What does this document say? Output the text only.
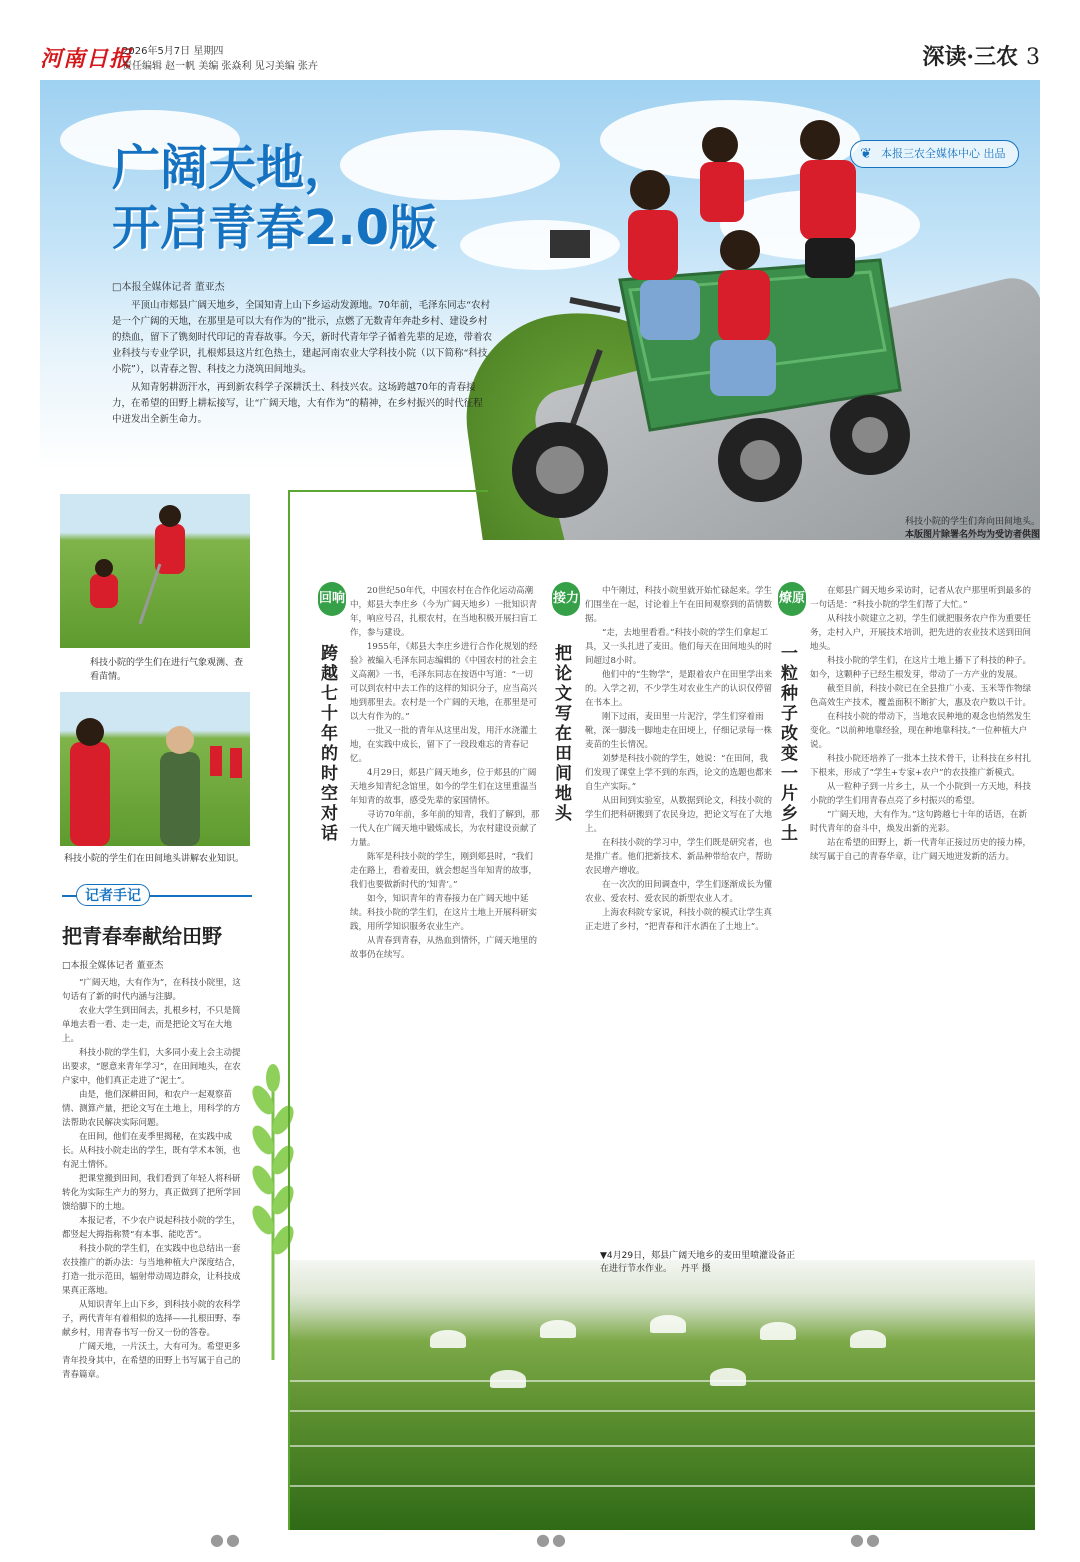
河南日报
2026年5月7日 星期四
责任编辑 赵一帆 美编 张焱利 见习美编 张卉	深读·三农 3
广阔天地，
开启青春2.0版
□本报全媒体记者 董亚杰

平顶山市郏县广阔天地乡，全国知青上山下乡运动发源地。70年前，毛泽东同志“农村是一个广阔的天地，在那里是可以大有作为的”批示，点燃了无数青年奔赴乡村、建设乡村的热血，留下了镌刻时代印记的青春故事。今天，新时代青年学子循着先辈的足迹，带着农业科技与专业学识，扎根郏县这片红色热土，建起河南农业大学科技小院（以下简称“科技小院”），以青春之智、科技之力浇筑田间地头。

从知青躬耕沥汗水，再到新农科学子深耕沃土、科技兴农。这场跨越70年的青春接力，在希望的田野上耕耘接写，让“广阔天地，大有作为”的精神，在乡村振兴的时代征程中迸发出全新生命力。

❦ 本报三农全媒体中心 出品
科技小院的学生们奔向田间地头。
本版图片除署名外均为受访者供图
科技小院的学生们在进行气象观测、查看苗情。
科技小院的学生们在田间地头讲解农业知识。
记者手记
把青春奉献给田野
□本报全媒体记者 董亚杰

“广阔天地，大有作为”，在科技小院里，这句话有了新的时代内涵与注脚。

农业大学生到田间去，扎根乡村，不只是简单地去看一看、走一走，而是把论文写在大地上。

科技小院的学生们，大多同小麦上会主动提出要求，“愿意来青年学习”，在田间地头，在农户家中，他们真正走进了“泥土”。

由是，他们深耕田间，和农户一起观察苗情、测算产量，把论文写在土地上，用科学的方法帮助农民解决实际问题。

在田间，他们在麦季里揭秘，在实践中成长。从科技小院走出的学生，既有学术本领，也有泥土情怀。

把课堂搬到田间，我们看到了年轻人将科研转化为实际生产力的努力，真正做到了把所学回馈给脚下的土地。

本报记者，不少农户说起科技小院的学生，都竖起大拇指称赞“有本事、能吃苦”。

科技小院的学生们，在实践中也总结出一套农技推广的新办法：与当地种植大户深度结合，打造一批示范田，辐射带动周边群众，让科技成果真正落地。

从知识青年上山下乡，到科技小院的农科学子，两代青年有着相似的选择——扎根田野、奉献乡村，用青春书写一份又一份的答卷。

广阔天地，一片沃土，大有可为。希望更多青年投身其中，在希望的田野上书写属于自己的青春篇章。

回响
跨越七十年的时空对话

20世纪50年代，中国农村在合作化运动高潮中，郏县大李庄乡（今为广阔天地乡）一批知识青年，响应号召，扎根农村，在当地积极开展扫盲工作，参与建设。

1955年，《郏县大李庄乡进行合作化规划的经验》被编入毛泽东同志编辑的《中国农村的社会主义高潮》一书，毛泽东同志在按语中写道：“一切可以到农村中去工作的这样的知识分子，应当高兴地到那里去。农村是一个广阔的天地，在那里是可以大有作为的。”

一批又一批的青年从这里出发，用汗水浇灌土地，在实践中成长，留下了一段段难忘的青春记忆。

4月29日，郏县广阔天地乡，位于郏县的广阔天地乡知青纪念馆里，如今的学生们在这里重温当年知青的故事，感受先辈的家国情怀。

寻访70年前，多年前的知青，我们了解到，那一代人在广阔天地中锻炼成长，为农村建设贡献了力量。

陈军是科技小院的学生，刚到郏县时，“我们走在路上，看着麦田，就会想起当年知青的故事，我们也要做新时代的‘知青’。”

如今，知识青年的青春接力在广阔天地中延续。科技小院的学生们，在这片土地上开展科研实践，用所学知识服务农业生产。

从青春到青春，从热血到情怀，广阔天地里的故事仍在续写。

接力
把论文写在田间地头

中午刚过，科技小院里就开始忙碌起来。学生们围坐在一起，讨论着上午在田间观察到的苗情数据。

“走，去地里看看。”科技小院的学生们拿起工具，又一头扎进了麦田。他们每天在田间地头的时间超过8小时。

他们中的“生物学”，是跟着农户在田里学出来的。入学之初，不少学生对农业生产的认识仅停留在书本上。

刚下过雨，麦田里一片泥泞，学生们穿着雨靴，深一脚浅一脚地走在田埂上，仔细记录每一株麦苗的生长情况。

刘梦是科技小院的学生，她说：“在田间，我们发现了课堂上学不到的东西，论文的选题也都来自生产实际。”

从田间到实验室，从数据到论文，科技小院的学生们把科研搬到了农民身边，把论文写在了大地上。

在科技小院的学习中，学生们既是研究者，也是推广者。他们把新技术、新品种带给农户，帮助农民增产增收。

在一次次的田间调查中，学生们逐渐成长为懂农业、爱农村、爱农民的新型农业人才。

上海农科院专家说，科技小院的模式让学生真正走进了乡村，“把青春和汗水洒在了土地上”。

燎原
一粒种子改变一片乡土

在郏县广阔天地乡采访时，记者从农户那里听到最多的一句话是：“科技小院的学生们帮了大忙。”

从科技小院建立之初，学生们就把服务农户作为重要任务，走村入户，开展技术培训，把先进的农业技术送到田间地头。

科技小院的学生们，在这片土地上播下了科技的种子。如今，这颗种子已经生根发芽，带动了一方产业的发展。

截至目前，科技小院已在全县推广小麦、玉米等作物绿色高效生产技术，覆盖面积不断扩大，惠及农户数以千计。

在科技小院的带动下，当地农民种地的观念也悄然发生变化。“以前种地靠经验，现在种地靠科技。”一位种植大户说。

科技小院还培养了一批本土技术骨干，让科技在乡村扎下根来，形成了“学生+专家+农户”的农技推广新模式。

从一粒种子到一片乡土，从一个小院到一方天地，科技小院的学生们用青春点亮了乡村振兴的希望。

“广阔天地，大有作为。”这句跨越七十年的话语，在新时代青年的奋斗中，焕发出新的光彩。

站在希望的田野上，新一代青年正接过历史的接力棒，续写属于自己的青春华章，让广阔天地迸发新的活力。

▼4月29日，郏县广阔天地乡的麦田里喷灌设备正在进行节水作业。 丹平 摄
●●	●●	●●
